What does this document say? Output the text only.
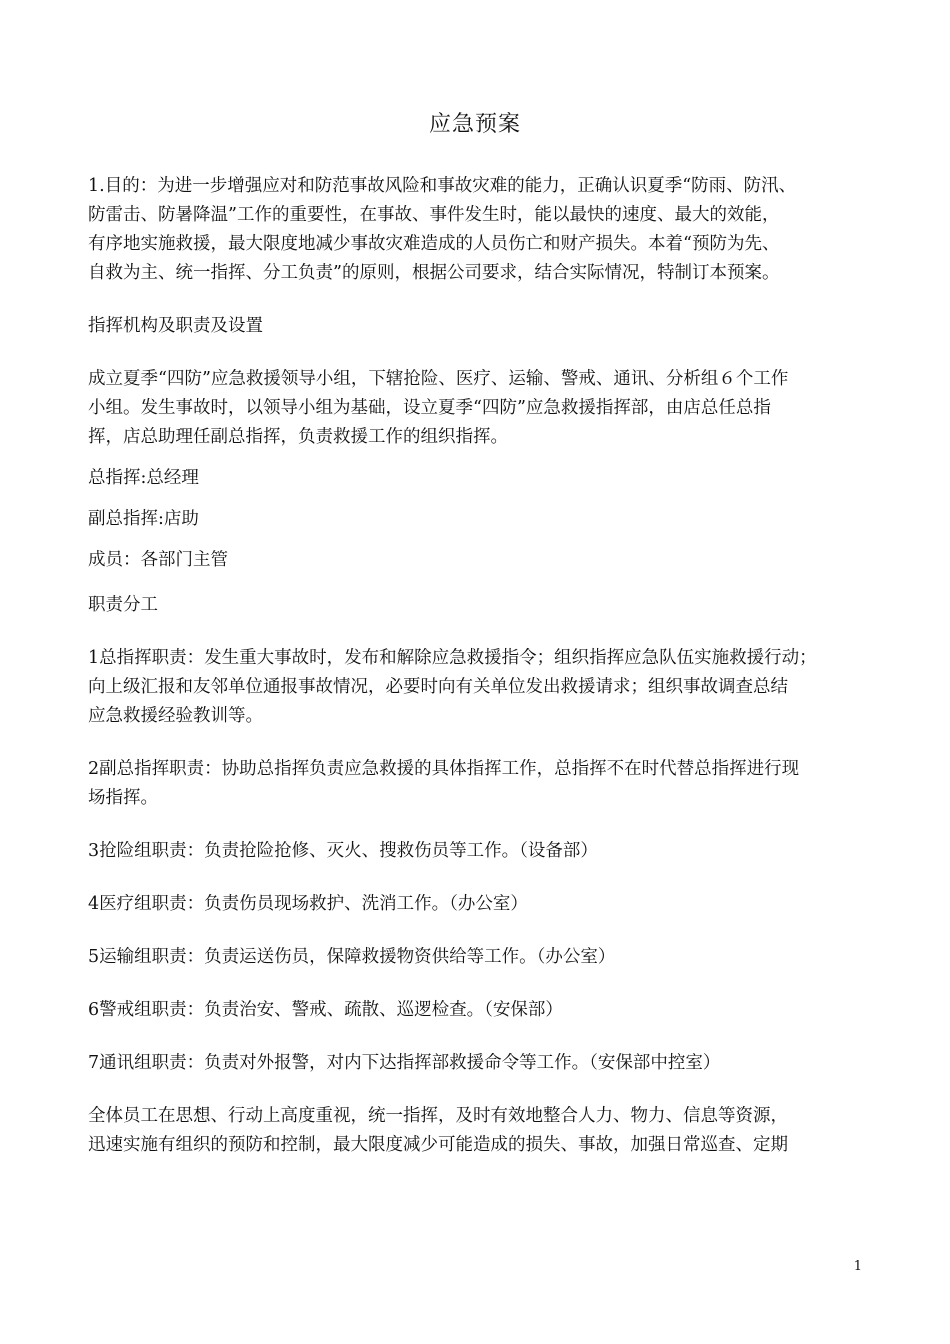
应急预案

1.目的：为进一步增强应对和防范事故风险和事故灾难的能力，正确认识夏季“防雨、防汛、
防雷击、防暑降温”工作的重要性，在事故、事件发生时，能以最快的速度、最大的效能，
有序地实施救援，最大限度地减少事故灾难造成的人员伤亡和财产损失。本着“预防为先、
自救为主、统一指挥、分工负责”的原则，根据公司要求，结合实际情况，特制订本预案。

指挥机构及职责及设置

成立夏季“四防”应急救援领导小组，下辖抢险、医疗、运输、警戒、通讯、分析组６个工作
小组。发生事故时，以领导小组为基础，设立夏季“四防”应急救援指挥部，由店总任总指
挥，店总助理任副总指挥，负责救援工作的组织指挥。

总指挥:总经理

副总指挥:店助

成员：各部门主管

职责分工

1总指挥职责：发生重大事故时，发布和解除应急救援指令；组织指挥应急队伍实施救援行动；
向上级汇报和友邻单位通报事故情况，必要时向有关单位发出救援请求；组织事故调查总结
应急救援经验教训等。

2副总指挥职责：协助总指挥负责应急救援的具体指挥工作，总指挥不在时代替总指挥进行现
场指挥。

3抢险组职责：负责抢险抢修、灭火、搜救伤员等工作。（设备部）

4医疗组职责：负责伤员现场救护、洗消工作。（办公室）

5运输组职责：负责运送伤员，保障救援物资供给等工作。（办公室）

6警戒组职责：负责治安、警戒、疏散、巡逻检查。（安保部）

7通讯组职责：负责对外报警，对内下达指挥部救援命令等工作。（安保部中控室）

全体员工在思想、行动上高度重视，统一指挥，及时有效地整合人力、物力、信息等资源，
迅速实施有组织的预防和控制，最大限度减少可能造成的损失、事故，加强日常巡查、定期

1
